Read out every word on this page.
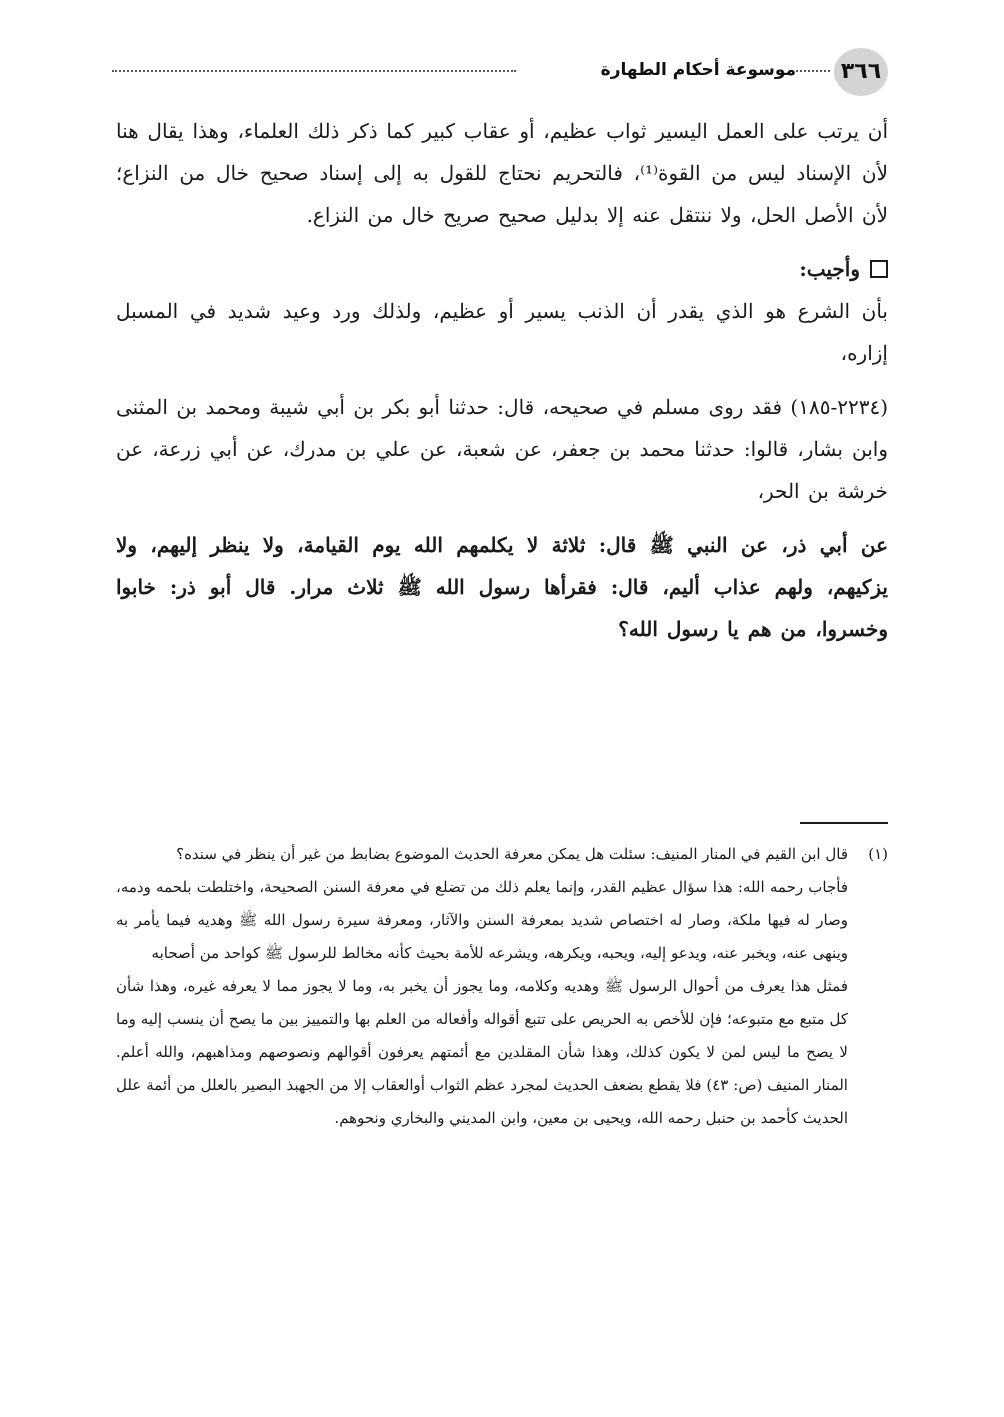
٣٦٦
موسوعة أحكام الطهارة

أن يرتب على العمل اليسير ثواب عظيم، أو عقاب كبير كما ذكر ذلك العلماء، وهذا يقال هنا لأن الإسناد ليس من القوة⁽¹⁾، فالتحريم نحتاج للقول به إلى إسناد صحيح خال من النزاع؛ لأن الأصل الحل، ولا ننتقل عنه إلا بدليل صحيح صريح خال من النزاع.

وأجيب:

بأن الشرع هو الذي يقدر أن الذنب يسير أو عظيم، ولذلك ورد وعيد شديد في المسبل إزاره،

(٢٢٣٤-١٨٥) فقد روى مسلم في صحيحه، قال: حدثنا أبو بكر بن أبي شيبة ومحمد بن المثنى وابن بشار، قالوا: حدثنا محمد بن جعفر، عن شعبة، عن علي بن مدرك، عن أبي زرعة، عن خرشة بن الحر،

عن أبي ذر، عن النبي ﷺ قال: ثلاثة لا يكلمهم الله يوم القيامة، ولا ينظر إليهم، ولا يزكيهم، ولهم عذاب أليم، قال: فقرأها رسول الله ﷺ ثلاث مرار. قال أبو ذر: خابوا وخسروا، من هم يا رسول الله؟

(١)قال ابن القيم في المنار المنيف: سئلت هل يمكن معرفة الحديث الموضوع بضابط من غير أن ينظر في سنده؟

فأجاب رحمه الله: هذا سؤال عظيم القدر، وإنما يعلم ذلك من تضلع في معرفة السنن الصحيحة، واختلطت بلحمه ودمه، وصار له فيها ملكة، وصار له اختصاص شديد بمعرفة السنن والآثار، ومعرفة سيرة رسول الله ﷺ وهديه فيما يأمر به وينهى عنه، ويخبر عنه، ويدعو إليه، ويحبه، ويكرهه، ويشرعه للأمة بحيث كأنه مخالط للرسول ﷺ كواحد من أصحابه

فمثل هذا يعرف من أحوال الرسول ﷺ وهديه وكلامه، وما يجوز أن يخبر به، وما لا يجوز مما لا يعرفه غيره، وهذا شأن كل متبع مع متبوعه؛ فإن للأخص به الحريص على تتبع أقواله وأفعاله من العلم بها والتمييز بين ما يصح أن ينسب إليه وما لا يصح ما ليس لمن لا يكون كذلك، وهذا شأن المقلدين مع أئمتهم يعرفون أقوالهم ونصوصهم ومذاهبهم، والله أعلم. المنار المنيف (ص: ٤٣) فلا يقطع بضعف الحديث لمجرد عظم الثواب أوالعقاب إلا من الجهبذ البصير بالعلل من أئمة علل الحديث كأحمد بن حنبل رحمه الله، ويحيى بن معين، وابن المديني والبخاري ونحوهم.
